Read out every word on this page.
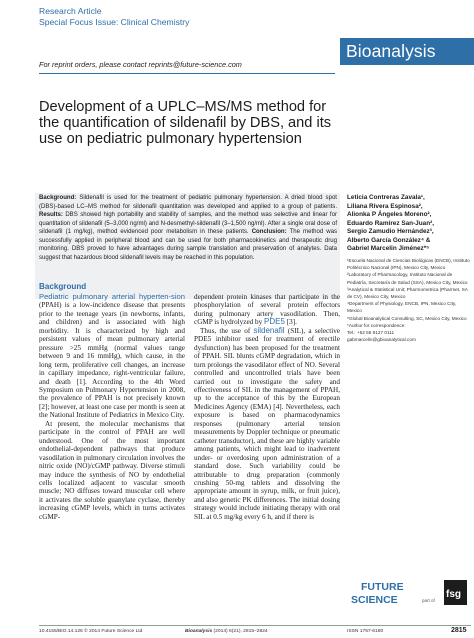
Research Article
Special Focus Issue: Clinical Chemistry
Bioanalysis
For reprint orders, please contact reprints@future-science.com
Development of a UPLC–MS/MS method for the quantification of sildenafil by DBS, and its use on pediatric pulmonary hypertension
Background: Sildenafil is used for the treatment of pediatric pulmonary hypertension. A dried blood spot (DBS)-based LC–MS method for sildenafil quantitation was developed and applied to a group of patients. Results: DBS showed high portability and stability of samples, and the method was selective and linear for quantitation of sildenafil (5–3,000 ng/ml) and N-desmethyl-sildenafil (3–1,500 ng/ml). After a single oral dose of sildenafil (1 mg/kg), method evidenced poor metabolism in these patients. Conclusion: The method was successfully applied in peripheral blood and can be used for both pharmacokinetics and therapeutic drug monitoring. DBS proved to have advantages during sample translation and preservation of analytes. Data suggest that hazardous blood sildenafil levels may be reached in this population.
Leticia Contreras Zavala¹,
Liliana Rivera Espinosa²,
Alionka P Ángeles Moreno²,
Eduardo Ramírez San-Juan²,
Sergio Zamudio Hernández³,
Alberto García González⁴ &
Gabriel Marcelin Jiménez*⁵
¹Escuela Nacional de Ciencias Biológicas (ENCB), Instituto Politécnico Nacional (IPN), Mexico City, Mexico
²Laboratory of Pharmacology, Instituto Nacional de Pediatría, Secretaría de Salud (SSA), Mexico City, Mexico
³Analytical & Statistical Unit; Pharmometrica (Pharmet, SA de CV), Mexico City, Mexico
⁴Department of Physiology, ENCB, IPN, Mexico City, Mexico
⁵Global Bioanalytical Consulting, SC, Mexico City, Mexico
*Author for correspondence:
Tel.: +52 55 9127 0111
gabmarcelin@gbioanalytical.com
Background
Pediatric pulmonary arterial hyperten-sion (PPAH) is a low-incidence disease that presents prior to the teenage years (in newborns, infants, and children) and is associated with high morbidity. It is characterized by high and persistent values of mean pulmonary arterial pressure >25 mmHg (normal values range between 9 and 16 mmHg), which cause, in the long term, proliferative cell changes, an increase in capillary impedance, right-ventricular failure, and death [1]. According to the 4th Word Symposium on Pulmonary Hypertension in 2008, the prevalence of PPAH is not precisely known [2]; however, at least one case per month is seen at the National Institute of Pediatrics in Mexico City.
At present, the molecular mechanisms that participate in the control of PPAH are well understood. One of the most important endothelial-dependent pathways that produce vasodilation in pulmonary circulation involves the nitric oxide (NO)/cGMP pathway. Diverse stimuli may induce the synthesis of NO by endothelial cells localized adjacent to vascular smooth muscle; NO diffuses toward muscular cell where it activates the soluble guanylate cyclase, thereby increasing cGMP levels, which in turns activates cGMP-
dependent protein kinases that participate in the phosphorylation of several protein effectors during pulmonary artery vasodilation. Then, cGMP is hydrolyzed by PDE5 [3].
Thus, the use of sildenafil (SIL), a selective PDE5 inhibitor used for treatment of erectile dysfunction) has been proposed for the treatment of PPAH. SIL blunts cGMP degradation, which in turn prolongs the vasodilator effect of NO. Several controlled and uncontrolled trials have been carried out to investigate the safety and effectiveness of SIL in the management of PPAH, up to the acceptance of this by the European Medicines Agency (EMA) [4]. Nevertheless, each exposure is based on pharmacodynamics responses (pulmonary arterial tension measurements by Doppler technique or pneumatic catheter transductor), and these are highly variable among patients, which might lead to inadvertent under- or overdosing upon administration of a standard dose. Such variability could be attributable to drug preparation (commonly crushing 50-mg tablets and dissolving the appropriate amount in syrup, milk, or fruit juice), and also genetic PK differences. The initial dosing strategy would include initiating therapy with oral SIL at 0.5 mg/kg every 6 h, and if there is
FUTURE
SCIENCE	part of
fsg
10.4155/BIO.14.126 © 2014 Future Science Ltd	Bioanalysis (2014) 6(21), 2815–2824	ISSN 1757-6180	2815
